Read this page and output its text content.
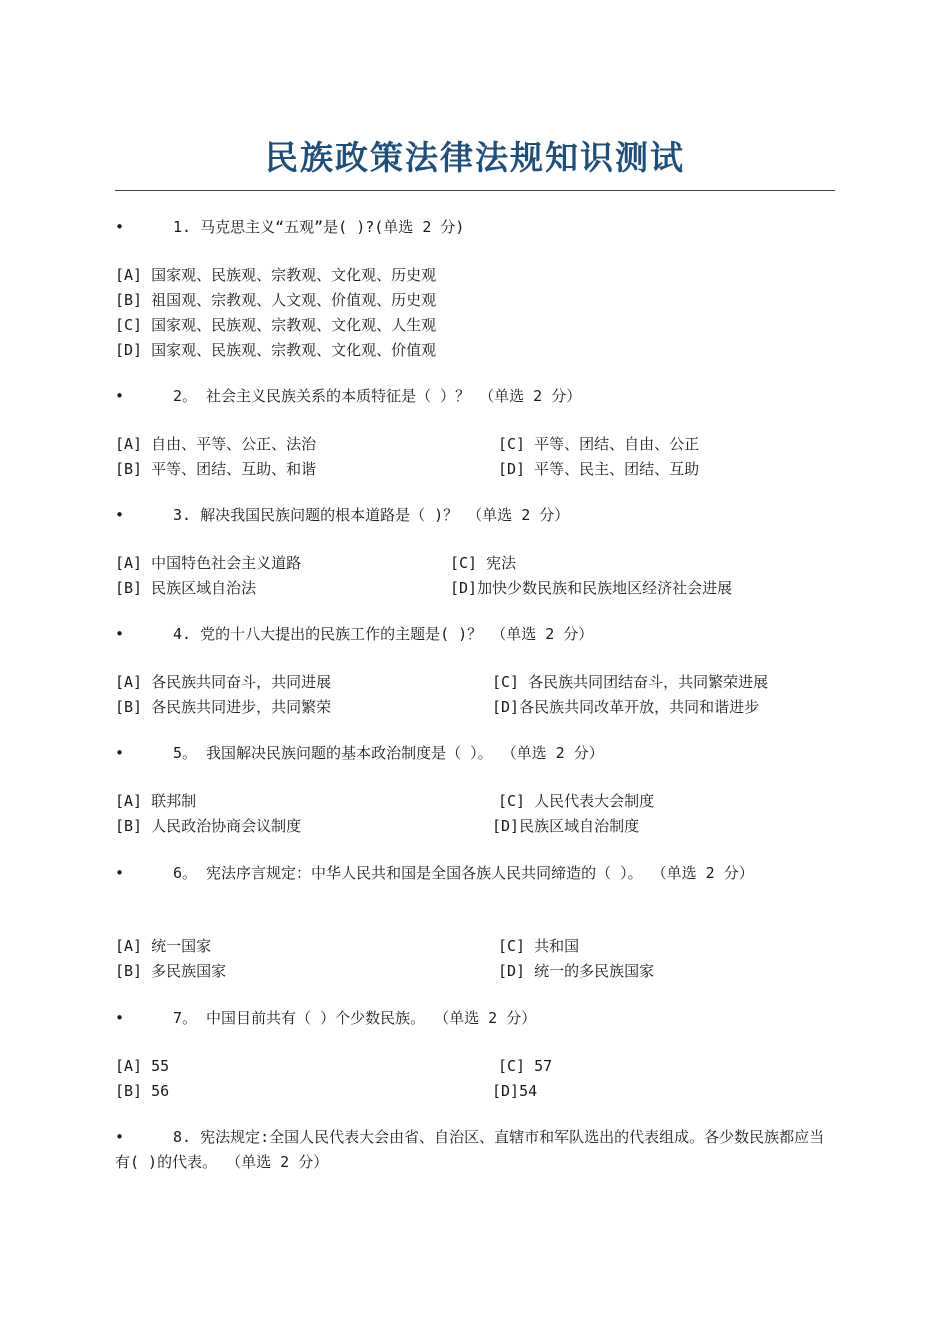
民族政策法律法规知识测试
•	1. 马克思主义“五观”是( )?(单选 2 分)
[A] 国家观、民族观、宗教观、文化观、历史观
[B] 祖国观、宗教观、人文观、价值观、历史观
[C] 国家观、民族观、宗教观、文化观、人生观
[D] 国家观、民族观、宗教观、文化观、价值观
•	2。 社会主义民族关系的本质特征是（ ）？ （单选 2 分）
[A] 自由、平等、公正、法治
[B] 平等、团结、互助、和谐
[C] 平等、团结、自由、公正
[D] 平等、民主、团结、互助
•	3. 解决我国民族问题的根本道路是（ )？ （单选 2 分）
[A] 中国特色社会主义道路
[B] 民族区域自治法
[C] 宪法
[D]加快少数民族和民族地区经济社会进展
•	4. 党的十八大提出的民族工作的主题是( )？ （单选 2 分）
[A] 各民族共同奋斗，共同进展
[B] 各民族共同进步，共同繁荣
[C] 各民族共同团结奋斗，共同繁荣进展
[D]各民族共同改革开放，共同和谐进步
•	5。 我国解决民族问题的基本政治制度是（ ）。 （单选 2 分）
[A] 联邦制
[B] 人民政治协商会议制度
[C] 人民代表大会制度
[D]民族区域自治制度
•	6。 宪法序言规定：中华人民共和国是全国各族人民共同缔造的（ ）。 （单选 2 分）
[A] 统一国家
[B] 多民族国家
[C] 共和国
[D] 统一的多民族国家
•	7。 中国目前共有（ ）个少数民族。 （单选 2 分）
[A] 55
[B] 56
[C] 57
[D]54
•	8. 宪法规定:全国人民代表大会由省、自治区、直辖市和军队选出的代表组成。各少数民族都应当有( )的代表。 （单选 2 分）
